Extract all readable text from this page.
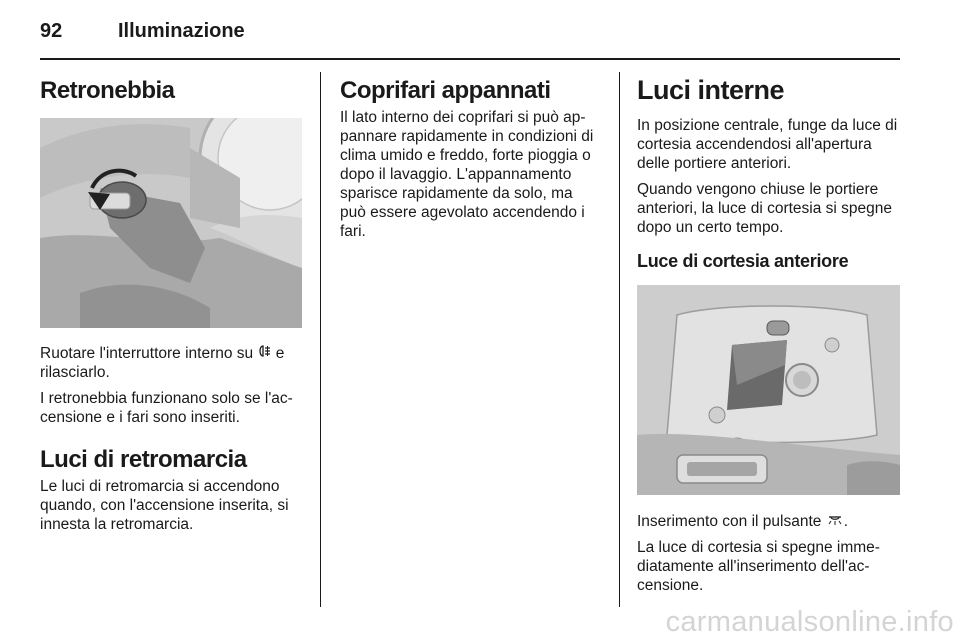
92	Illuminazione
Retronebbia

Ruotare l'interruttore interno su  e rilasciarlo.

I retronebbia funzionano solo se l'ac-censione e i fari sono inseriti.

Luci di retromarcia

Le luci di retromarcia si accendono quando, con l'accensione inserita, si innesta la retromarcia.

Coprifari appannati

Il lato interno dei coprifari si può ap-pannare rapidamente in condizioni di clima umido e freddo, forte pioggia o dopo il lavaggio. L'appannamento sparisce rapidamente da solo, ma può essere agevolato accendendo i fari.

Luci interne

In posizione centrale, funge da luce di cortesia accendendosi all'apertura delle portiere anteriori.

Quando vengono chiuse le portiere anteriori, la luce di cortesia si spegne dopo un certo tempo.

Luce di cortesia anteriore

Inserimento con il pulsante .

La luce di cortesia si spegne imme-diatamente all'inserimento dell'ac-censione.

carmanualsonline.info
